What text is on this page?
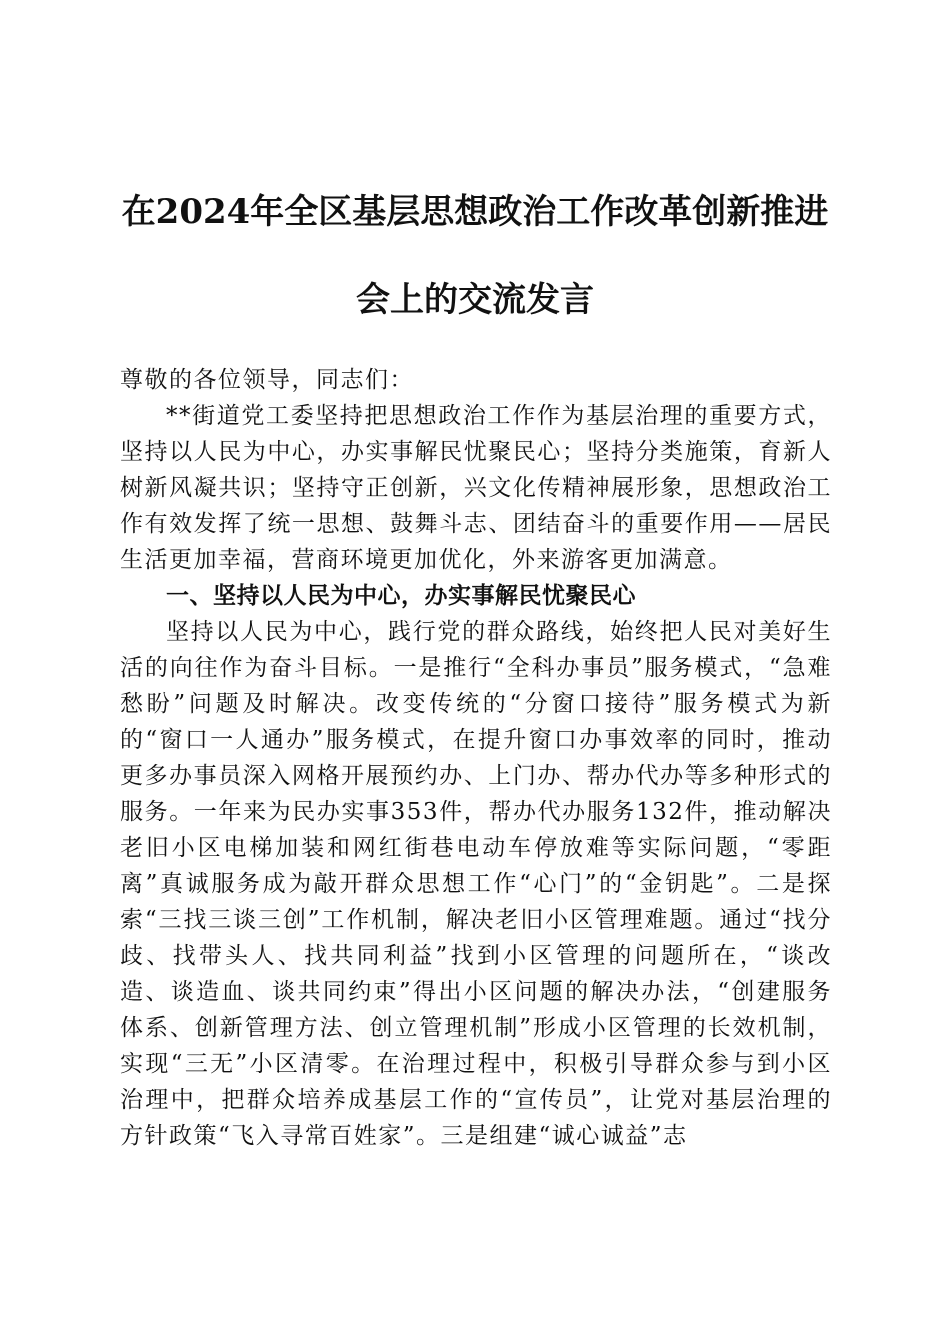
在2024年全区基层思想政治工作改革创新推进会上的交流发言

尊敬的各位领导，同志们：

**街道党工委坚持把思想政治工作作为基层治理的重要方式，坚持以人民为中心，办实事解民忧聚民心；坚持分类施策，育新人树新风凝共识；坚持守正创新，兴文化传精神展形象，思想政治工作有效发挥了统一思想、鼓舞斗志、团结奋斗的重要作用——居民生活更加幸福，营商环境更加优化，外来游客更加满意。

一、坚持以人民为中心，办实事解民忧聚民心

坚持以人民为中心，践行党的群众路线，始终把人民对美好生活的向往作为奋斗目标。一是推行“全科办事员”服务模式，“急难愁盼”问题及时解决。改变传统的“分窗口接待”服务模式为新的“窗口一人通办”服务模式，在提升窗口办事效率的同时，推动更多办事员深入网格开展预约办、上门办、帮办代办等多种形式的服务。一年来为民办实事353件，帮办代办服务132件，推动解决老旧小区电梯加装和网红街巷电动车停放难等实际问题，“零距离”真诚服务成为敲开群众思想工作“心门”的“金钥匙”。二是探索“三找三谈三创”工作机制，解决老旧小区管理难题。通过“找分歧、找带头人、找共同利益”找到小区管理的问题所在，“谈改造、谈造血、谈共同约束”得出小区问题的解决办法，“创建服务体系、创新管理方法、创立管理机制”形成小区管理的长效机制，实现“三无”小区清零。在治理过程中，积极引导群众参与到小区治理中，把群众培养成基层工作的“宣传员”，让党对基层治理的方针政策“飞入寻常百姓家”。三是组建“诚心诚益”志
